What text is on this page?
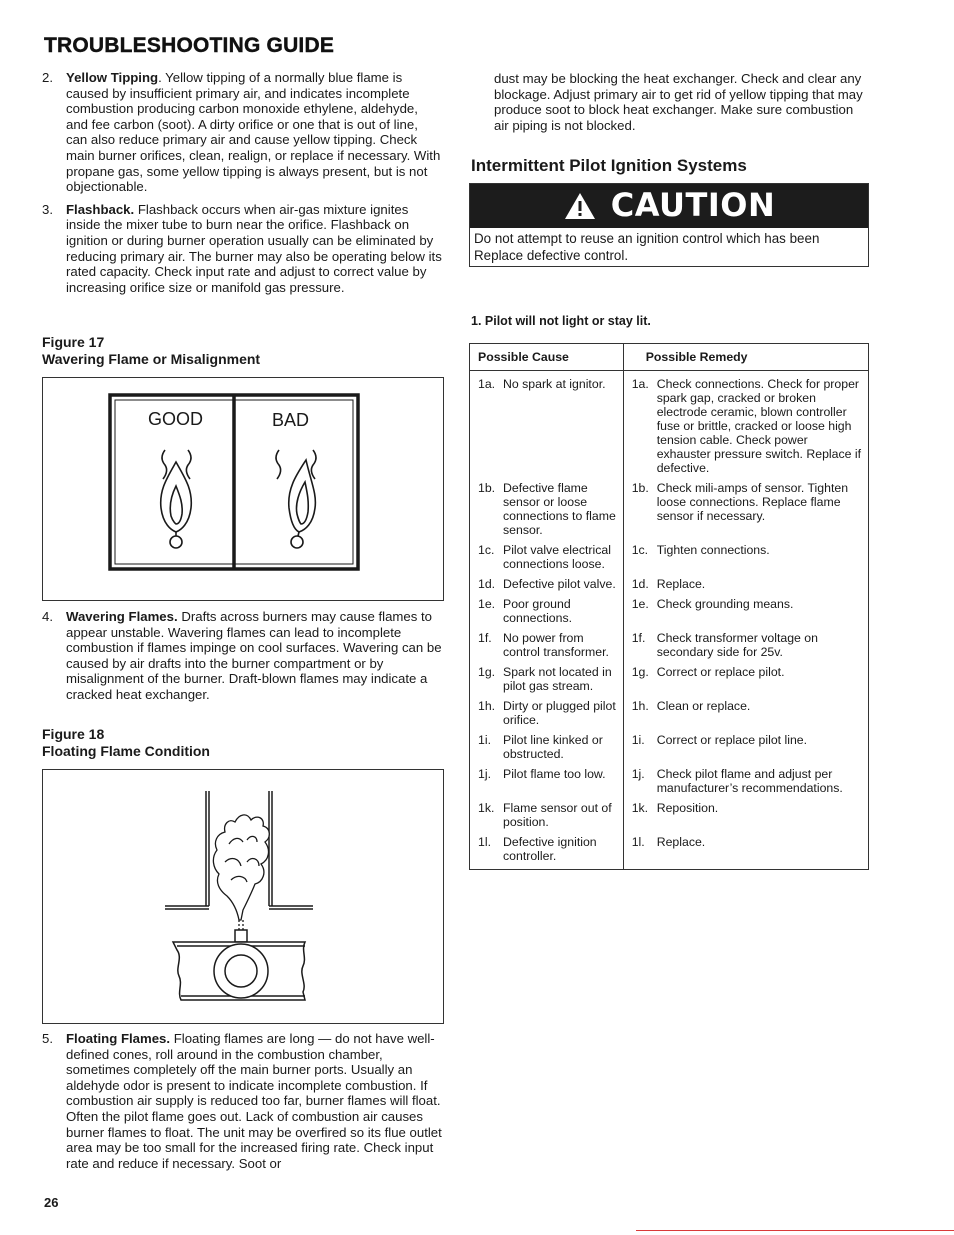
TROUBLESHOOTING GUIDE

2. Yellow Tipping. Yellow tipping of a normally blue flame is caused by insufficient primary air, and indicates incomplete combustion producing carbon monoxide ethylene, aldehyde, and fee carbon (soot). A dirty orifice or one that is out of line, can also reduce primary air and cause yellow tipping. Check main burner orifices, clean, realign, or replace if necessary. With propane gas, some yellow tipping is always present, but is not objectionable.

3. Flashback. Flashback occurs when air-gas mixture ignites inside the mixer tube to burn near the orifice. Flashback on ignition or during burner operation usually can be eliminated by reducing primary air. The burner may also be operating below its rated capacity. Check input rate and adjust to correct value by increasing orifice size or manifold gas pressure.

Figure 17
Wavering Flame or Misalignment
GOOD	BAD

4. Wavering Flames. Drafts across burners may cause flames to appear unstable. Wavering flames can lead to incomplete combustion if flames impinge on cool surfaces. Wavering can be caused by air drafts into the burner compartment or by misalignment of the burner. Draft-blown flames may indicate a cracked heat exchanger.

Figure 18
Floating Flame Condition

5. Floating Flames. Floating flames are long — do not have well-defined cones, roll around in the combustion chamber, sometimes completely off the main burner ports. Usually an aldehyde odor is present to indicate incomplete combustion. If combustion air supply is reduced too far, burner flames will float. Often the pilot flame goes out. Lack of combustion air causes burner flames to float. The unit may be overfired so its flue outlet area may be too small for the increased firing rate. Check input rate and reduce if necessary. Soot or

dust may be blocking the heat exchanger. Check and clear any blockage. Adjust primary air to get rid of yellow tipping that may produce soot to block heat exchanger. Make sure combustion air piping is not blocked.
Intermittent Pilot Ignition Systems
CAUTION
Do not attempt to reuse an ignition control which has been Replace defective control.
1. Pilot will not light or stay lit.
Possible Cause	Possible Remedy

1a. No spark at ignitor.	1a. Check connections. Check for proper spark gap, cracked or broken electrode ceramic, blown controller fuse or brittle, cracked or loose high tension cable. Check power exhauster pressure switch. Replace if defective.

1b. Defective flame sensor or loose connections to flame sensor.	1b. Check mili-amps of sensor. Tighten loose connections. Replace flame sensor if necessary.

1c. Pilot valve electrical connections loose.	1c. Tighten connections.

1d. Defective pilot valve.	1d. Replace.

1e. Poor ground connections.	1e. Check grounding means.

1f. No power from control transformer.	1f. Check transformer voltage on secondary side for 25v.

1g. Spark not located in pilot gas stream.	1g. Correct or replace pilot.

1h. Dirty or plugged pilot orifice.	1h. Clean or replace.

1i. Pilot line kinked or obstructed.	1i. Correct or replace pilot line.

1j. Pilot flame too low.	1j. Check pilot flame and adjust per manufacturer’s recommendations.

1k. Flame sensor out of position.	1k. Reposition.

1l. Defective ignition controller.	1l. Replace.
26
